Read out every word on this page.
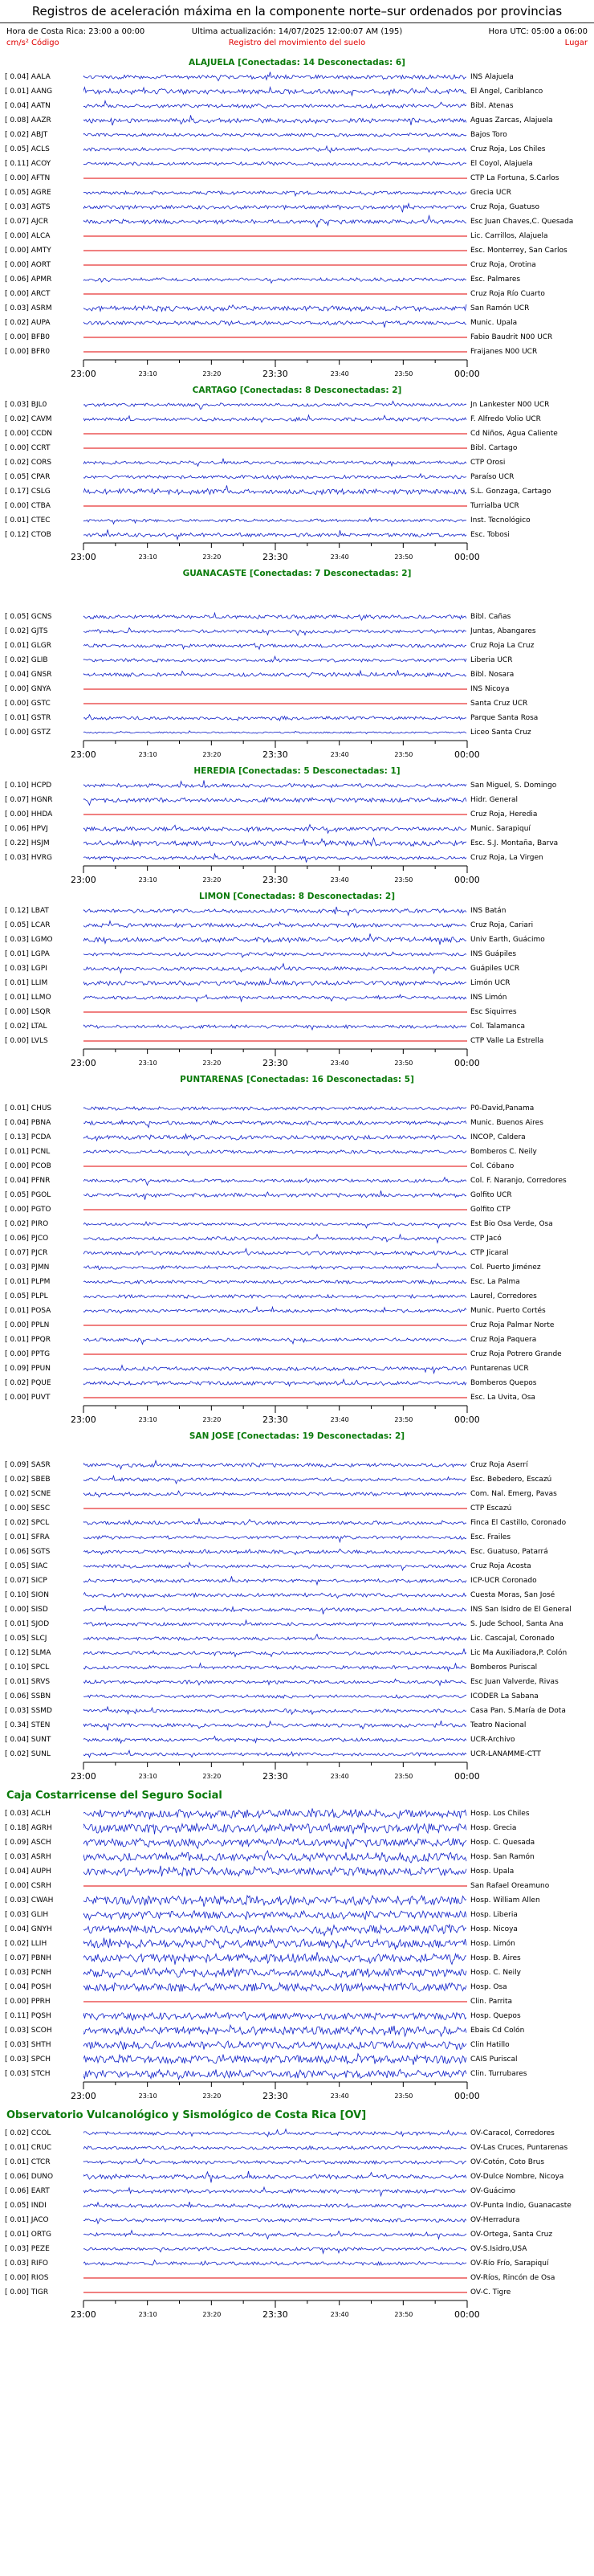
Registros de aceleración máxima en la componente norte–sur ordenados por provincias
Ultima actualización: 14/07/2025 12:00:07 AM (195)
Registro del movimiento del suelo
Hora de Costa Rica: 23:00 a 00:00
cm/s² Código
Hora UTC: 05:00 a 06:00
Lugar
ALAJUELA [Conectadas: 14 Desconectadas: 6]
[ 0.04] AALA	INS Alajuela
[ 0.01] AANG	El Angel, Cariblanco
[ 0.04] AATN	Bibl. Atenas
[ 0.08] AAZR	Aguas Zarcas, Alajuela
[ 0.02] ABJT	Bajos Toro
[ 0.05] ACLS	Cruz Roja, Los Chiles
[ 0.11] ACOY	El Coyol, Alajuela
[ 0.00] AFTN	CTP La Fortuna, S.Carlos
[ 0.05] AGRE	Grecia UCR
[ 0.03] AGTS	Cruz Roja, Guatuso
[ 0.07] AJCR	Esc Juan Chaves,C. Quesada
[ 0.00] ALCA	Lic. Carrillos, Alajuela
[ 0.00] AMTY	Esc. Monterrey, San Carlos
[ 0.00] AORT	Cruz Roja, Orotina
[ 0.06] APMR	Esc. Palmares
[ 0.00] ARCT	Cruz Roja Río Cuarto
[ 0.03] ASRM	San Ramón UCR
[ 0.02] AUPA	Munic. Upala
[ 0.00] BFB0	Fabio Baudrit N00 UCR
[ 0.00] BFR0	Fraijanes N00 UCR
23:00	23:10	23:20	23:30	23:40	23:50	00:00
CARTAGO [Conectadas: 8 Desconectadas: 2]
[ 0.03] BJL0	Jn Lankester N00 UCR
[ 0.02] CAVM	F. Alfredo Volio UCR
[ 0.00] CCDN	Cd Niños, Agua Caliente
[ 0.00] CCRT	Bibl. Cartago
[ 0.02] CORS	CTP Orosi
[ 0.05] CPAR	Paraíso UCR
[ 0.17] CSLG	S.L. Gonzaga, Cartago
[ 0.00] CTBA	Turrialba UCR
[ 0.01] CTEC	Inst. Tecnológico
[ 0.12] CTOB	Esc. Tobosi
23:00	23:10	23:20	23:30	23:40	23:50	00:00
GUANACASTE [Conectadas: 7 Desconectadas: 2]
[ 0.05] GCNS	Bibl. Cañas
[ 0.02] GJTS	Juntas, Abangares
[ 0.01] GLGR	Cruz Roja La Cruz
[ 0.02] GLIB	Liberia UCR
[ 0.04] GNSR	Bibl. Nosara
[ 0.00] GNYA	INS Nicoya
[ 0.00] GSTC	Santa Cruz UCR
[ 0.01] GSTR	Parque Santa Rosa
[ 0.00] GSTZ	Liceo Santa Cruz
23:00	23:10	23:20	23:30	23:40	23:50	00:00
HEREDIA [Conectadas: 5 Desconectadas: 1]
[ 0.10] HCPD	San Miguel, S. Domingo
[ 0.07] HGNR	Hidr. General
[ 0.00] HHDA	Cruz Roja, Heredia
[ 0.06] HPVJ	Munic. Sarapiquí
[ 0.22] HSJM	Esc. S.J. Montaña, Barva
[ 0.03] HVRG	Cruz Roja, La Virgen
23:00	23:10	23:20	23:30	23:40	23:50	00:00
LIMON [Conectadas: 8 Desconectadas: 2]
[ 0.12] LBAT	INS Batán
[ 0.05] LCAR	Cruz Roja, Cariari
[ 0.03] LGMO	Univ Earth, Guácimo
[ 0.01] LGPA	INS Guápiles
[ 0.03] LGPI	Guápiles UCR
[ 0.01] LLIM	Limón UCR
[ 0.01] LLMO	INS Limón
[ 0.00] LSQR	Esc Siquirres
[ 0.02] LTAL	Col. Talamanca
[ 0.00] LVLS	CTP Valle La Estrella
23:00	23:10	23:20	23:30	23:40	23:50	00:00
PUNTARENAS [Conectadas: 16 Desconectadas: 5]
[ 0.01] CHUS	P0-David,Panama
[ 0.04] PBNA	Munic. Buenos Aires
[ 0.13] PCDA	INCOP, Caldera
[ 0.01] PCNL	Bomberos C. Neily
[ 0.00] PCOB	Col. Cóbano
[ 0.04] PFNR	Col. F. Naranjo, Corredores
[ 0.05] PGOL	Golfito UCR
[ 0.00] PGTO	Golfito CTP
[ 0.02] PIRO	Est Bio Osa Verde, Osa
[ 0.06] PJCO	CTP Jacó
[ 0.07] PJCR	CTP Jicaral
[ 0.03] PJMN	Col. Puerto Jiménez
[ 0.01] PLPM	Esc. La Palma
[ 0.05] PLPL	Laurel, Corredores
[ 0.01] POSA	Munic. Puerto Cortés
[ 0.00] PPLN	Cruz Roja Palmar Norte
[ 0.01] PPQR	Cruz Roja Paquera
[ 0.00] PPTG	Cruz Roja Potrero Grande
[ 0.09] PPUN	Puntarenas UCR
[ 0.02] PQUE	Bomberos Quepos
[ 0.00] PUVT	Esc. La Uvita, Osa
23:00	23:10	23:20	23:30	23:40	23:50	00:00
SAN JOSE [Conectadas: 19 Desconectadas: 2]
[ 0.09] SASR	Cruz Roja Aserrí
[ 0.02] SBEB	Esc. Bebedero, Escazú
[ 0.02] SCNE	Com. Nal. Emerg, Pavas
[ 0.00] SESC	CTP Escazú
[ 0.02] SPCL	Finca El Castillo, Coronado
[ 0.01] SFRA	Esc. Frailes
[ 0.06] SGTS	Esc. Guatuso, Patarrá
[ 0.05] SIAC	Cruz Roja Acosta
[ 0.07] SICP	ICP-UCR Coronado
[ 0.10] SION	Cuesta Moras, San José
[ 0.00] SISD	INS San Isidro de El General
[ 0.01] SJOD	S. Jude School, Santa Ana
[ 0.05] SLCJ	Lic. Cascajal, Coronado
[ 0.12] SLMA	Lic Ma Auxiliadora,P. Colón
[ 0.10] SPCL	Bomberos Puriscal
[ 0.01] SRVS	Esc Juan Valverde, Rivas
[ 0.06] SSBN	ICODER La Sabana
[ 0.03] SSMD	Casa Pan. S.María de Dota
[ 0.34] STEN	Teatro Nacional
[ 0.04] SUNT	UCR-Archivo
[ 0.02] SUNL	UCR-LANAMME-CTT
23:00	23:10	23:20	23:30	23:40	23:50	00:00
Caja Costarricense del Seguro Social
[ 0.03] ACLH	Hosp. Los Chiles
[ 0.18] AGRH	Hosp. Grecia
[ 0.09] ASCH	Hosp. C. Quesada
[ 0.03] ASRH	Hosp. San Ramón
[ 0.04] AUPH	Hosp. Upala
[ 0.00] CSRH	San Rafael Oreamuno
[ 0.03] CWAH	Hosp. William Allen
[ 0.03] GLIH	Hosp. Liberia
[ 0.04] GNYH	Hosp. Nicoya
[ 0.02] LLIH	Hosp. Limón
[ 0.07] PBNH	Hosp. B. Aires
[ 0.03] PCNH	Hosp. C. Neily
[ 0.04] POSH	Hosp. Osa
[ 0.00] PPRH	Clin. Parrita
[ 0.11] PQSH	Hosp. Quepos
[ 0.03] SCOH	Ebais Cd Colón
[ 0.03] SHTH	Clin Hatillo
[ 0.03] SPCH	CAIS Puriscal
[ 0.03] STCH	Clin. Turrubares
23:00	23:10	23:20	23:30	23:40	23:50	00:00
Observatorio Vulcanológico y Sismológico de Costa Rica [OV]
[ 0.02] CCOL	OV-Caracol, Corredores
[ 0.01] CRUC	OV-Las Cruces, Puntarenas
[ 0.01] CTCR	OV-Cotón, Coto Brus
[ 0.06] DUNO	OV-Dulce Nombre, Nicoya
[ 0.06] EART	OV-Guácimo
[ 0.05] INDI	OV-Punta Indio, Guanacaste
[ 0.01] JACO	OV-Herradura
[ 0.01] ORTG	OV-Ortega, Santa Cruz
[ 0.03] PEZE	OV-S.Isidro,USA
[ 0.03] RIFO	OV-Río Frío, Sarapiquí
[ 0.00] RIOS	OV-Ríos, Rincón de Osa
[ 0.00] TIGR	OV-C. Tigre
23:00	23:10	23:20	23:30	23:40	23:50	00:00
